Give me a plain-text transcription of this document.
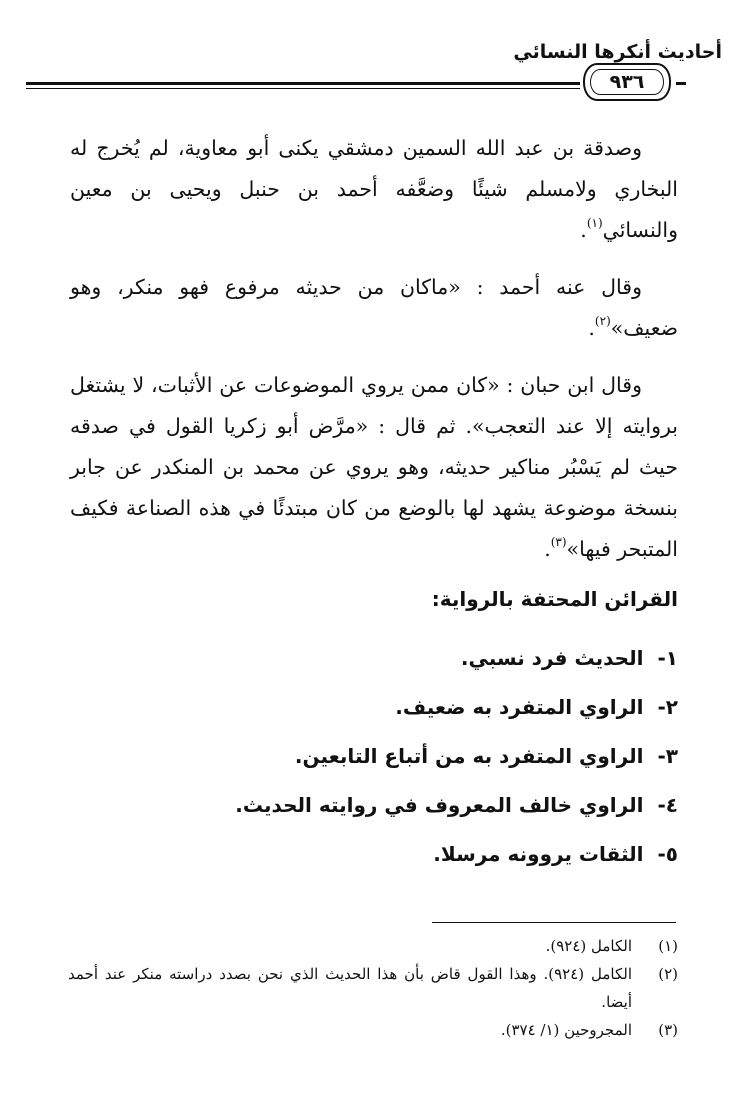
أحاديث أنكرها النسائي
٩٣٦

وصدقة بن عبد الله السمين دمشقي يكنى أبو معاوية، لم يُخرج له البخاري ولامسلم شيئًا وضعَّفه أحمد بن حنبل ويحيى بن معين والنسائي$^{(١)}$.

وقال عنه أحمد : «ماكان من حديثه مرفوع فهو منكر، وهو ضعيف»$^{(٢)}$.

وقال ابن حبان : «كان ممن يروي الموضوعات عن الأثبات، لا يشتغل بروايته إلا عند التعجب». ثم قال : «مرَّض أبو زكريا القول في صدقه حيث لم يَسْبُر مناكير حديثه، وهو يروي عن محمد بن المنكدر عن جابر بنسخة موضوعة يشهد لها بالوضع من كان مبتدئًا في هذه الصناعة فكيف المتبحر فيها»$^{(٣)}$.

القرائن المحتفة بالرواية:
١-الحديث فرد نسبي.
٢-الراوي المتفرد به ضعيف.
٣-الراوي المتفرد به من أتباع التابعين.
٤-الراوي خالف المعروف في روايته الحديث.
٥-الثقات يروونه مرسلا.
(١)
الكامل (٩٢٤).
(٢)
الكامل (٩٢٤). وهذا القول قاض بأن هذا الحديث الذي نحن بصدد دراسته منكر عند أحمد أيضا.
(٣)
المجروحين (١/ ٣٧٤).
